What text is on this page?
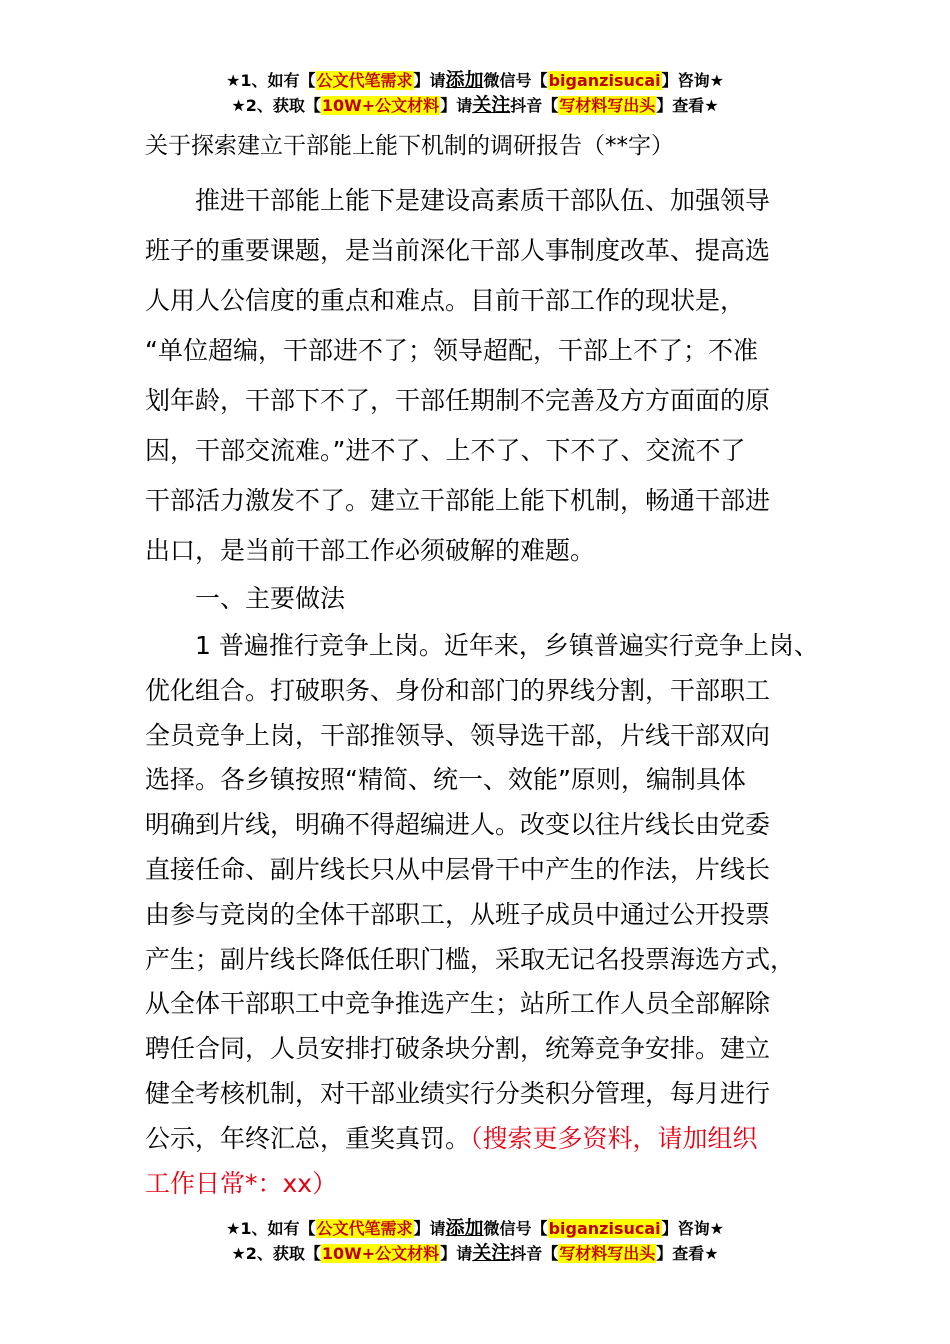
★1、如有【公文代笔需求】请添加微信号【biganzisucai】咨询★
★2、获取【10W+公文材料】请关注抖音【写材料写出头】查看★
关于探索建立干部能上能下机制的调研报告（**字）
推进干部能上能下是建设高素质干部队伍、加强领导
班子的重要课题，是当前深化干部人事制度改革、提高选
人用人公信度的重点和难点。目前干部工作的现状是，
“单位超编，干部进不了；领导超配，干部上不了；不准
划年龄，干部下不了，干部任期制不完善及方方面面的原
因，干部交流难。”进不了、上不了、下不了、交流不了
干部活力激发不了。建立干部能上能下机制，畅通干部进
出口，是当前干部工作必须破解的难题。
一、主要做法
1 普遍推行竞争上岗。近年来，乡镇普遍实行竞争上岗、
优化组合。打破职务、身份和部门的界线分割，干部职工
全员竞争上岗，干部推领导、领导选干部，片线干部双向
选择。各乡镇按照“精简、统一、效能”原则，编制具体
明确到片线，明确不得超编进人。改变以往片线长由党委
直接任命、副片线长只从中层骨干中产生的作法，片线长
由参与竞岗的全体干部职工，从班子成员中通过公开投票
产生；副片线长降低任职门槛，采取无记名投票海选方式，
从全体干部职工中竞争推选产生；站所工作人员全部解除
聘任合同，人员安排打破条块分割，统筹竞争安排。建立
健全考核机制，对干部业绩实行分类积分管理，每月进行
公示，年终汇总，重奖真罚。（搜索更多资料，请加组织
工作日常*：xx）
★1、如有【公文代笔需求】请添加微信号【biganzisucai】咨询★
★2、获取【10W+公文材料】请关注抖音【写材料写出头】查看★
